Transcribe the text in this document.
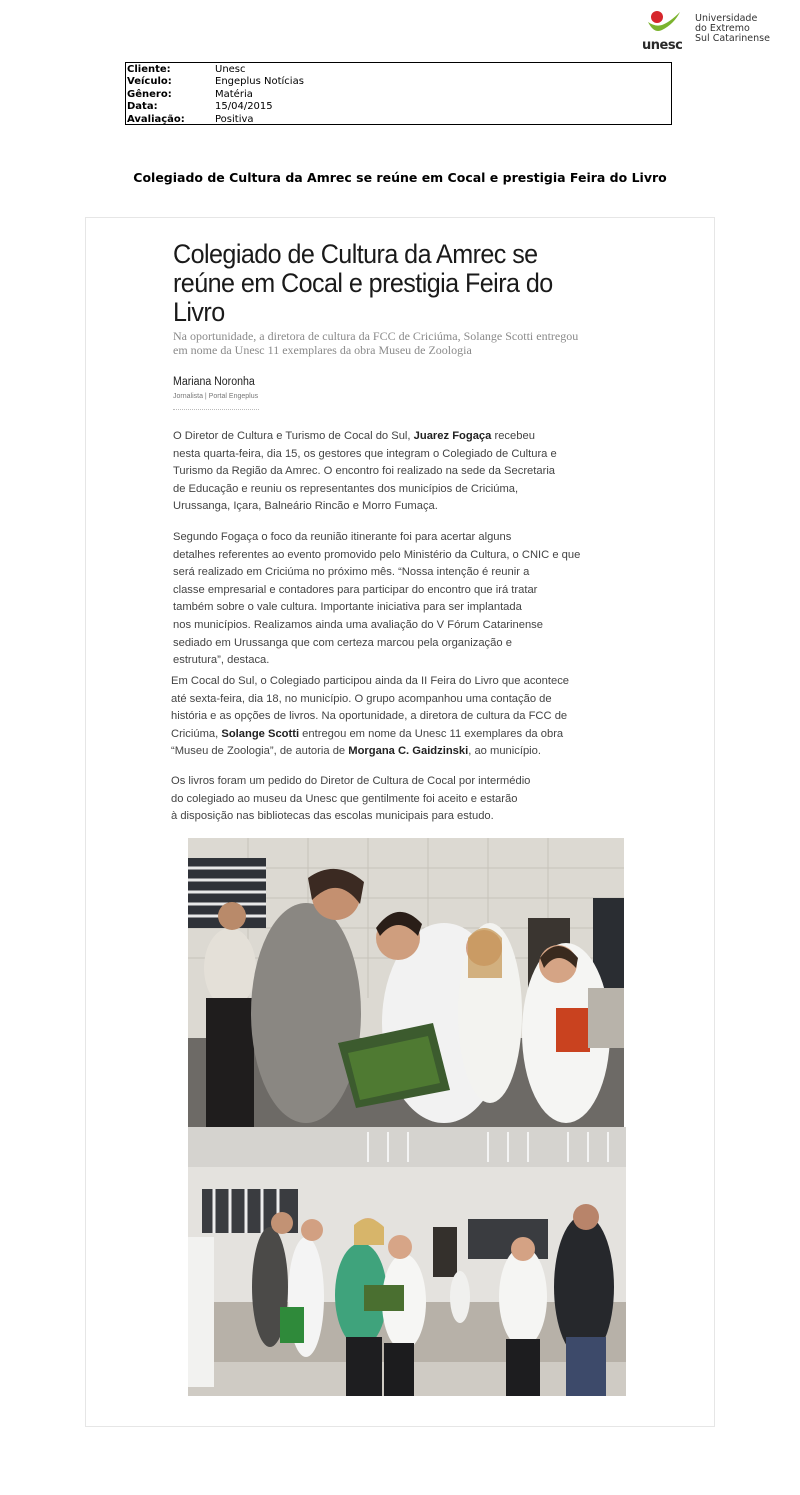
unesc
Universidade
do Extremo
Sul Catarinense
Cliente:	Unesc
Veículo:	Engeplus Notícias
Gênero:	Matéria
Data:	15/04/2015
Avaliação:	Positiva
Colegiado de Cultura da Amrec se reúne em Cocal e prestigia Feira do Livro
Colegiado de Cultura da Amrec se
reúne em Cocal e prestigia Feira do
Livro
Na oportunidade, a diretora de cultura da FCC de Criciúma, Solange Scotti entregou
em nome da Unesc 11 exemplares da obra Museu de Zoologia
Mariana Noronha
Jornalista | Portal Engeplus
O Diretor de Cultura e Turismo de Cocal do Sul, Juarez Fogaça recebeu
nesta quarta-feira, dia 15, os gestores que integram o Colegiado de Cultura e
Turismo da Região da Amrec. O encontro foi realizado na sede da Secretaria
de Educação e reuniu os representantes dos municípios de Criciúma,
Urussanga, Içara, Balneário Rincão e Morro Fumaça.
Segundo Fogaça o foco da reunião itinerante foi para acertar alguns
detalhes referentes ao evento promovido pelo Ministério da Cultura, o CNIC e que
será realizado em Criciúma no próximo mês. “Nossa intenção é reunir a
classe empresarial e contadores para participar do encontro que irá tratar
também sobre o vale cultura. Importante iniciativa para ser implantada
nos municípios. Realizamos ainda uma avaliação do V Fórum Catarinense
sediado em Urussanga que com certeza marcou pela organização e
estrutura”, destaca.
Em Cocal do Sul, o Colegiado participou ainda da II Feira do Livro que acontece
até sexta-feira, dia 18, no município. O grupo acompanhou uma contação de
história e as opções de livros. Na oportunidade, a diretora de cultura da FCC de
Criciúma, Solange Scotti entregou em nome da Unesc 11 exemplares da obra
“Museu de Zoologia”, de autoria de Morgana C. Gaidzinski, ao município.
Os livros foram um pedido do Diretor de Cultura de Cocal por intermédio
do colegiado ao museu da Unesc que gentilmente foi aceito e estarão
à disposição nas bibliotecas das escolas municipais para estudo.
